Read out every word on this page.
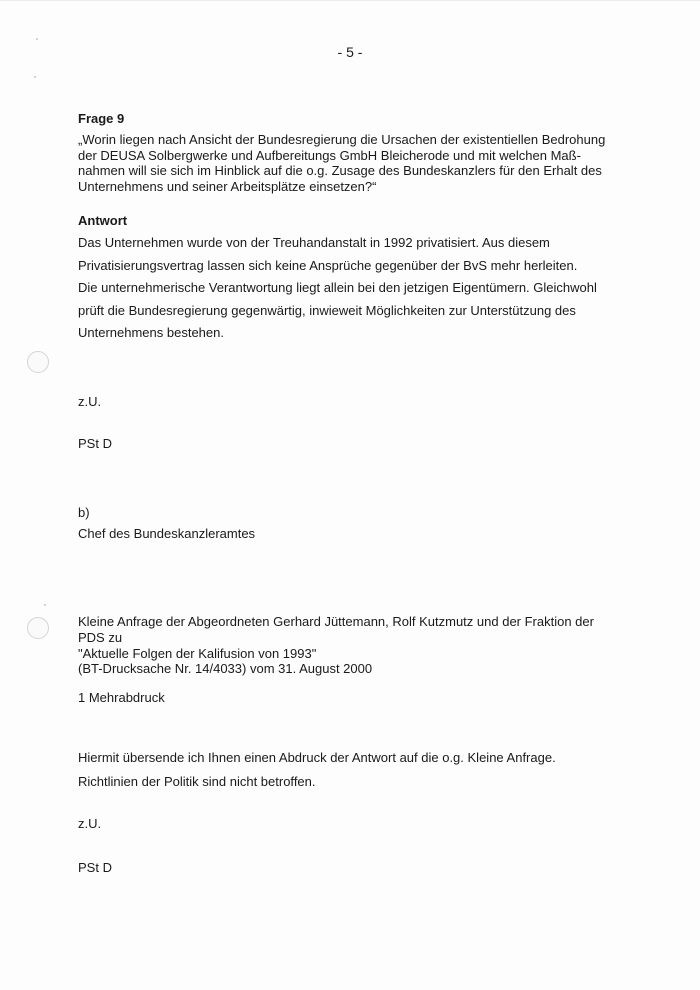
- 5 -
Frage 9
„Worin liegen nach Ansicht der Bundesregierung die Ursachen der existentiellen Bedrohung
der DEUSA Solbergwerke und Aufbereitungs GmbH Bleicherode und mit welchen Maß-
nahmen will sie sich im Hinblick auf die o.g. Zusage des Bundeskanzlers für den Erhalt des
Unternehmens und seiner Arbeitsplätze einsetzen?“
Antwort
Das Unternehmen wurde von der Treuhandanstalt in 1992 privatisiert. Aus diesem
Privatisierungsvertrag lassen sich keine Ansprüche gegenüber der BvS mehr herleiten.
Die unternehmerische Verantwortung liegt allein bei den jetzigen Eigentümern. Gleichwohl
prüft die Bundesregierung gegenwärtig, inwieweit Möglichkeiten zur Unterstützung des
Unternehmens bestehen.
z.U.
PSt D
b)
Chef des Bundeskanzleramtes
Kleine Anfrage der Abgeordneten Gerhard Jüttemann, Rolf Kutzmutz und der Fraktion der
PDS zu
"Aktuelle Folgen der Kalifusion von 1993"
(BT-Drucksache Nr. 14/4033) vom 31. August 2000
1 Mehrabdruck
Hiermit übersende ich Ihnen einen Abdruck der Antwort auf die o.g. Kleine Anfrage.
Richtlinien der Politik sind nicht betroffen.
z.U.
PSt D
